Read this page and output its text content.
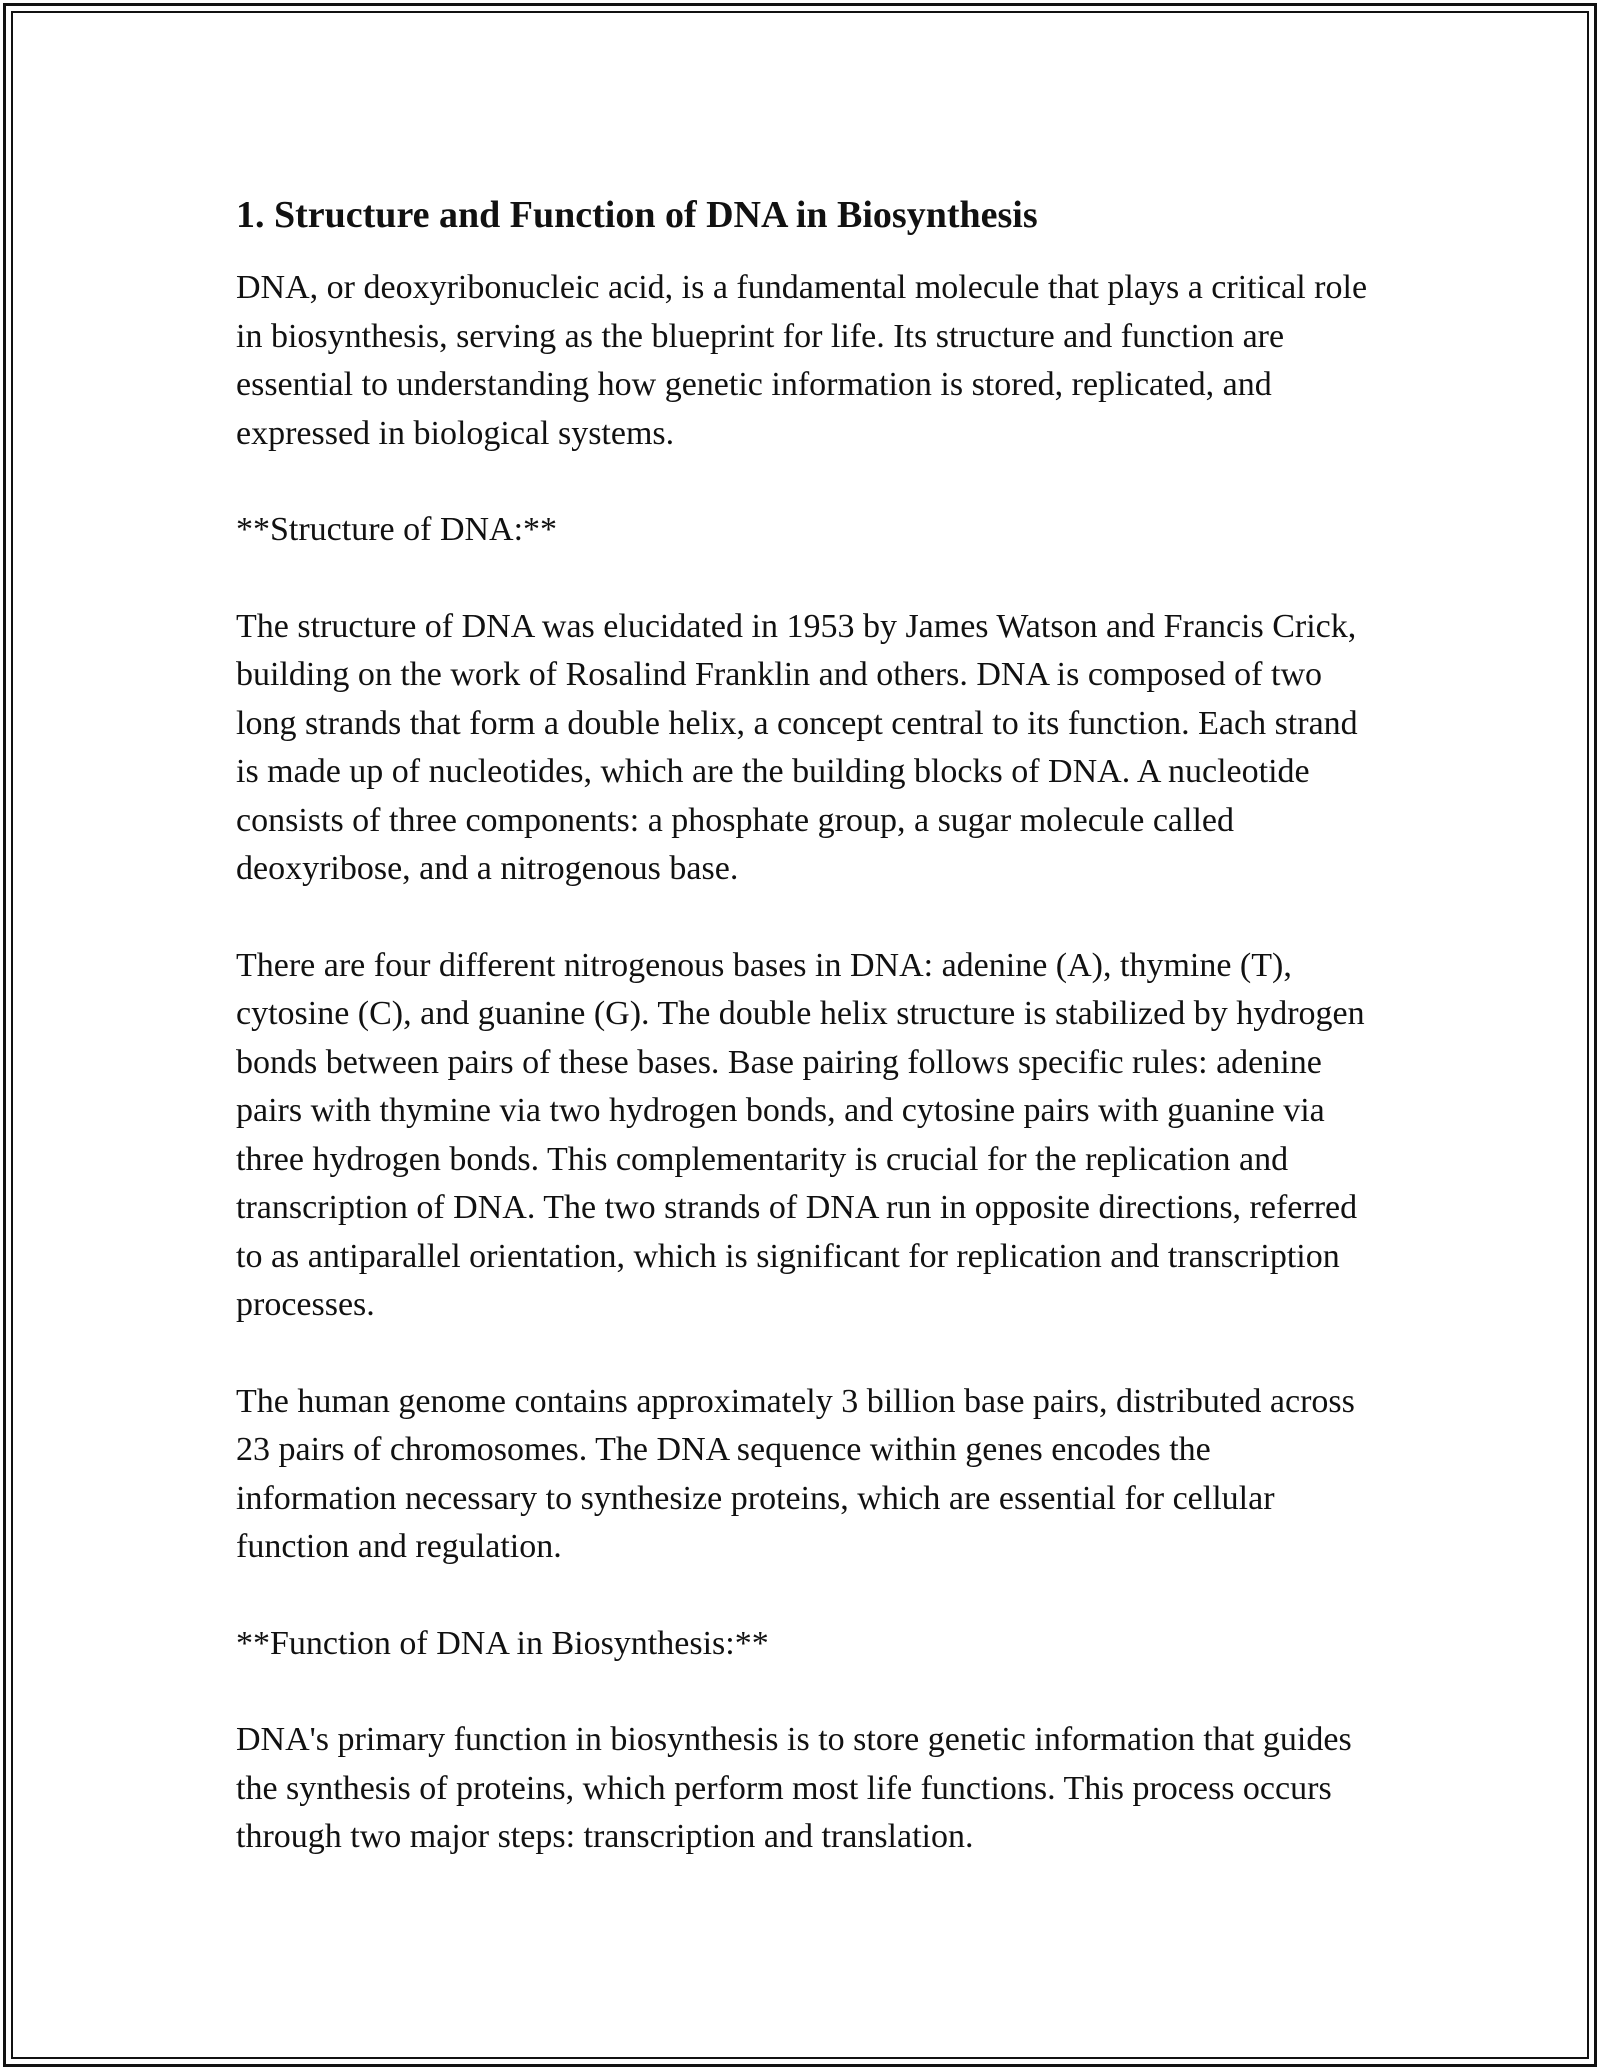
1. Structure and Function of DNA in Biosynthesis

DNA, or deoxyribonucleic acid, is a fundamental molecule that plays a critical role in biosynthesis, serving as the blueprint for life. Its structure and function are essential to understanding how genetic information is stored, replicated, and expressed in biological systems.

**Structure of DNA:**

The structure of DNA was elucidated in 1953 by James Watson and Francis Crick, building on the work of Rosalind Franklin and others. DNA is composed of two long strands that form a double helix, a concept central to its function. Each strand is made up of nucleotides, which are the building blocks of DNA. A nucleotide consists of three components: a phosphate group, a sugar molecule called deoxyribose, and a nitrogenous base.

There are four different nitrogenous bases in DNA: adenine (A), thymine (T), cytosine (C), and guanine (G). The double helix structure is stabilized by hydrogen bonds between pairs of these bases. Base pairing follows specific rules: adenine pairs with thymine via two hydrogen bonds, and cytosine pairs with guanine via three hydrogen bonds. This complementarity is crucial for the replication and transcription of DNA. The two strands of DNA run in opposite directions, referred to as antiparallel orientation, which is significant for replication and transcription processes.

The human genome contains approximately 3 billion base pairs, distributed across 23 pairs of chromosomes. The DNA sequence within genes encodes the information necessary to synthesize proteins, which are essential for cellular function and regulation.

**Function of DNA in Biosynthesis:**

DNA's primary function in biosynthesis is to store genetic information that guides the synthesis of proteins, which perform most life functions. This process occurs through two major steps: transcription and translation.
